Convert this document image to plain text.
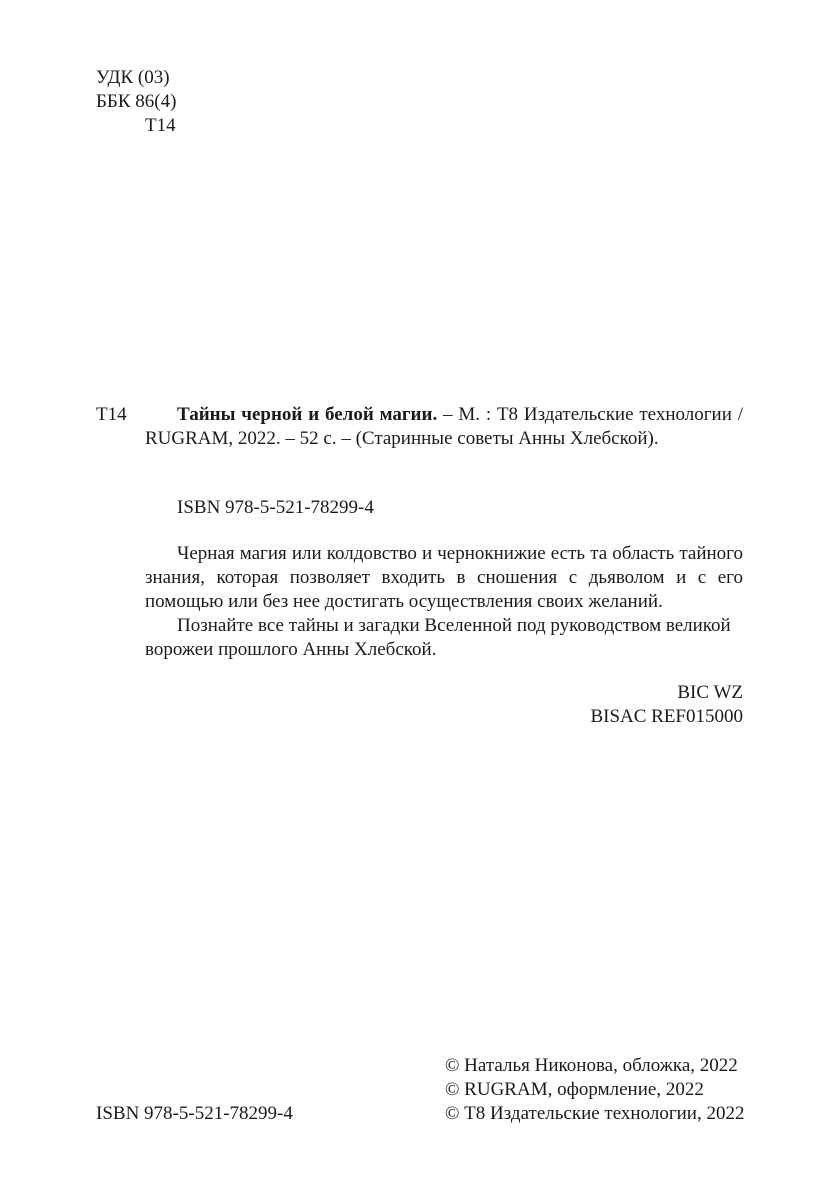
УДК (03)
ББК 86(4)
Т14
Т14	Тайны черной и белой магии. – М. : Т8 Издательские технологии /
RUGRAM, 2022. – 52 с. – (Старинные советы Анны Хлебской).
ISBN 978-5-521-78299-4
Черная магия или колдовство и чернокнижие есть та область тайного знания, которая позволяет входить в сношения с дьяволом и с его помощью или без нее достигать осуществления своих желаний.
Познайте все тайны и загадки Вселенной под руководством великой ворожеи прошлого Анны Хлебской.
BIC WZ
BISAC REF015000
ISBN 978-5-521-78299-4
© Наталья Никонова, обложка, 2022
© RUGRAM, оформление, 2022
© Т8 Издательские технологии, 2022
